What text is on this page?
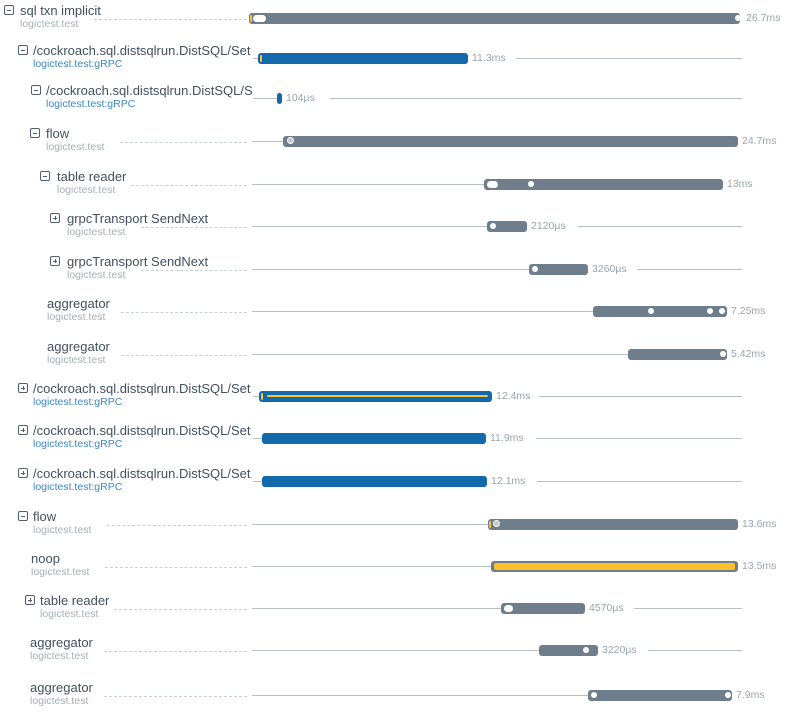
sql txn implicit
logictest.test	26.7ms
/cockroach.sql.distsqlrun.DistSQL/Set
logictest.test:gRPC	11.3ms
/cockroach.sql.distsqlrun.DistSQL/S
logictest.test:gRPC	104µs
flow
logictest.test	24.7ms
table reader
logictest.test	13ms
grpcTransport SendNext
logictest.test	2120µs
grpcTransport SendNext
logictest.test	3260µs
aggregator
logictest.test	7.25ms
aggregator
logictest.test	5.42ms
/cockroach.sql.distsqlrun.DistSQL/Set
logictest.test:gRPC	12.4ms
/cockroach.sql.distsqlrun.DistSQL/Set
logictest.test:gRPC	11.9ms
/cockroach.sql.distsqlrun.DistSQL/Set
logictest.test:gRPC	12.1ms
flow
logictest.test	13.6ms
noop
logictest.test	13.5ms
table reader
logictest.test	4570µs
aggregator
logictest.test	3220µs
aggregator
logictest.test	7.9ms
